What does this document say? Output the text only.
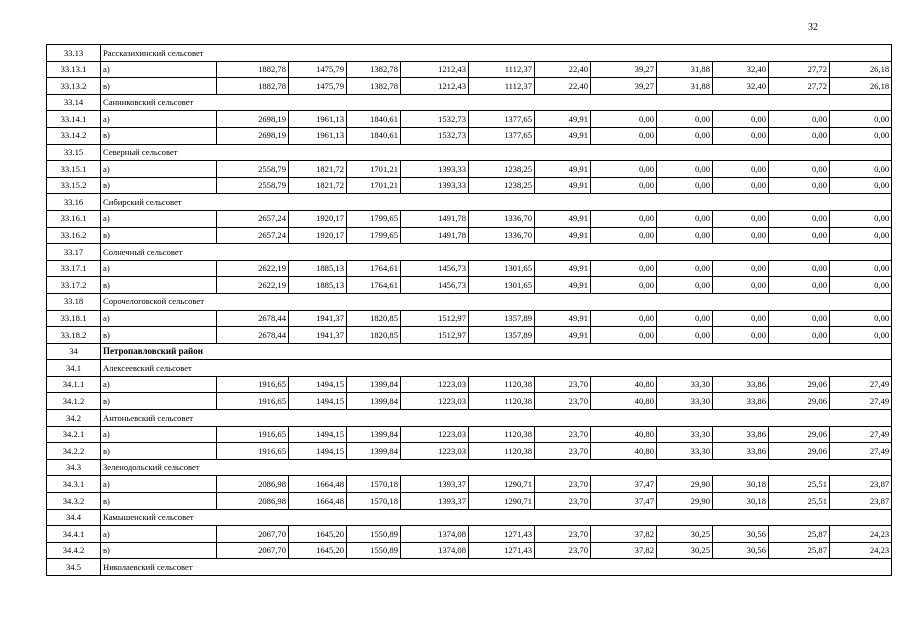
32
33.13	Рассказихинский сельсовет											
33.13.1	а)	1882,78	1475,79	1382,78	1212,43	1112,37	22,40	39,27	31,88	32,40	27,72	26,18
33.13.2	в)	1882,78	1475,79	1382,78	1212,43	1112,37	22,40	39,27	31,88	32,40	27,72	26,18
33.14	Санниковский сельсовет											
33.14.1	а)	2698,19	1961,13	1840,61	1532,73	1377,65	49,91	0,00	0,00	0,00	0,00	0,00
33.14.2	в)	2698,19	1961,13	1840,61	1532,73	1377,65	49,91	0,00	0,00	0,00	0,00	0,00
33.15	Северный сельсовет											
33.15.1	а)	2558,79	1821,72	1701,21	1393,33	1238,25	49,91	0,00	0,00	0,00	0,00	0,00
33.15.2	в)	2558,79	1821,72	1701,21	1393,33	1238,25	49,91	0,00	0,00	0,00	0,00	0,00
33.16	Сибирский сельсовет											
33.16.1	а)	2657,24	1920,17	1799,65	1491,78	1336,70	49,91	0,00	0,00	0,00	0,00	0,00
33.16.2	в)	2657,24	1920,17	1799,65	1491,78	1336,70	49,91	0,00	0,00	0,00	0,00	0,00
33.17	Солнечный сельсовет											
33.17.1	а)	2622,19	1885,13	1764,61	1456,73	1301,65	49,91	0,00	0,00	0,00	0,00	0,00
33.17.2	в)	2622,19	1885,13	1764,61	1456,73	1301,65	49,91	0,00	0,00	0,00	0,00	0,00
33.18	Сорочелоговской сельсовет											
33.18.1	а)	2678,44	1941,37	1820,85	1512,97	1357,89	49,91	0,00	0,00	0,00	0,00	0,00
33.18.2	в)	2678,44	1941,37	1820,85	1512,97	1357,89	49,91	0,00	0,00	0,00	0,00	0,00
34	Петропавловский район											
34.1	Алексеевский сельсовет											
34.1.1	а)	1916,65	1494,15	1399,84	1223,03	1120,38	23,70	40,80	33,30	33,86	29,06	27,49
34.1.2	в)	1916,65	1494,15	1399,84	1223,03	1120,38	23,70	40,80	33,30	33,86	29,06	27,49
34.2	Антоньевский сельсовет											
34.2.1	а)	1916,65	1494,15	1399,84	1223,03	1120,38	23,70	40,80	33,30	33,86	29,06	27,49
34.2.2	в)	1916,65	1494,15	1399,84	1223,03	1120,38	23,70	40,80	33,30	33,86	29,06	27,49
34.3	Зеленодольский сельсовет											
34.3.1	а)	2086,98	1664,48	1570,18	1393,37	1290,71	23,70	37,47	29,90	30,18	25,51	23,87
34.3.2	в)	2086,98	1664,48	1570,18	1393,37	1290,71	23,70	37,47	29,90	30,18	25,51	23,87
34.4	Камышенский сельсовет											
34.4.1	а)	2067,70	1645,20	1550,89	1374,08	1271,43	23,70	37,82	30,25	30,56	25,87	24,23
34.4.2	в)	2067,70	1645,20	1550,89	1374,08	1271,43	23,70	37,82	30,25	30,56	25,87	24,23
34.5	Николаевский сельсовет											
